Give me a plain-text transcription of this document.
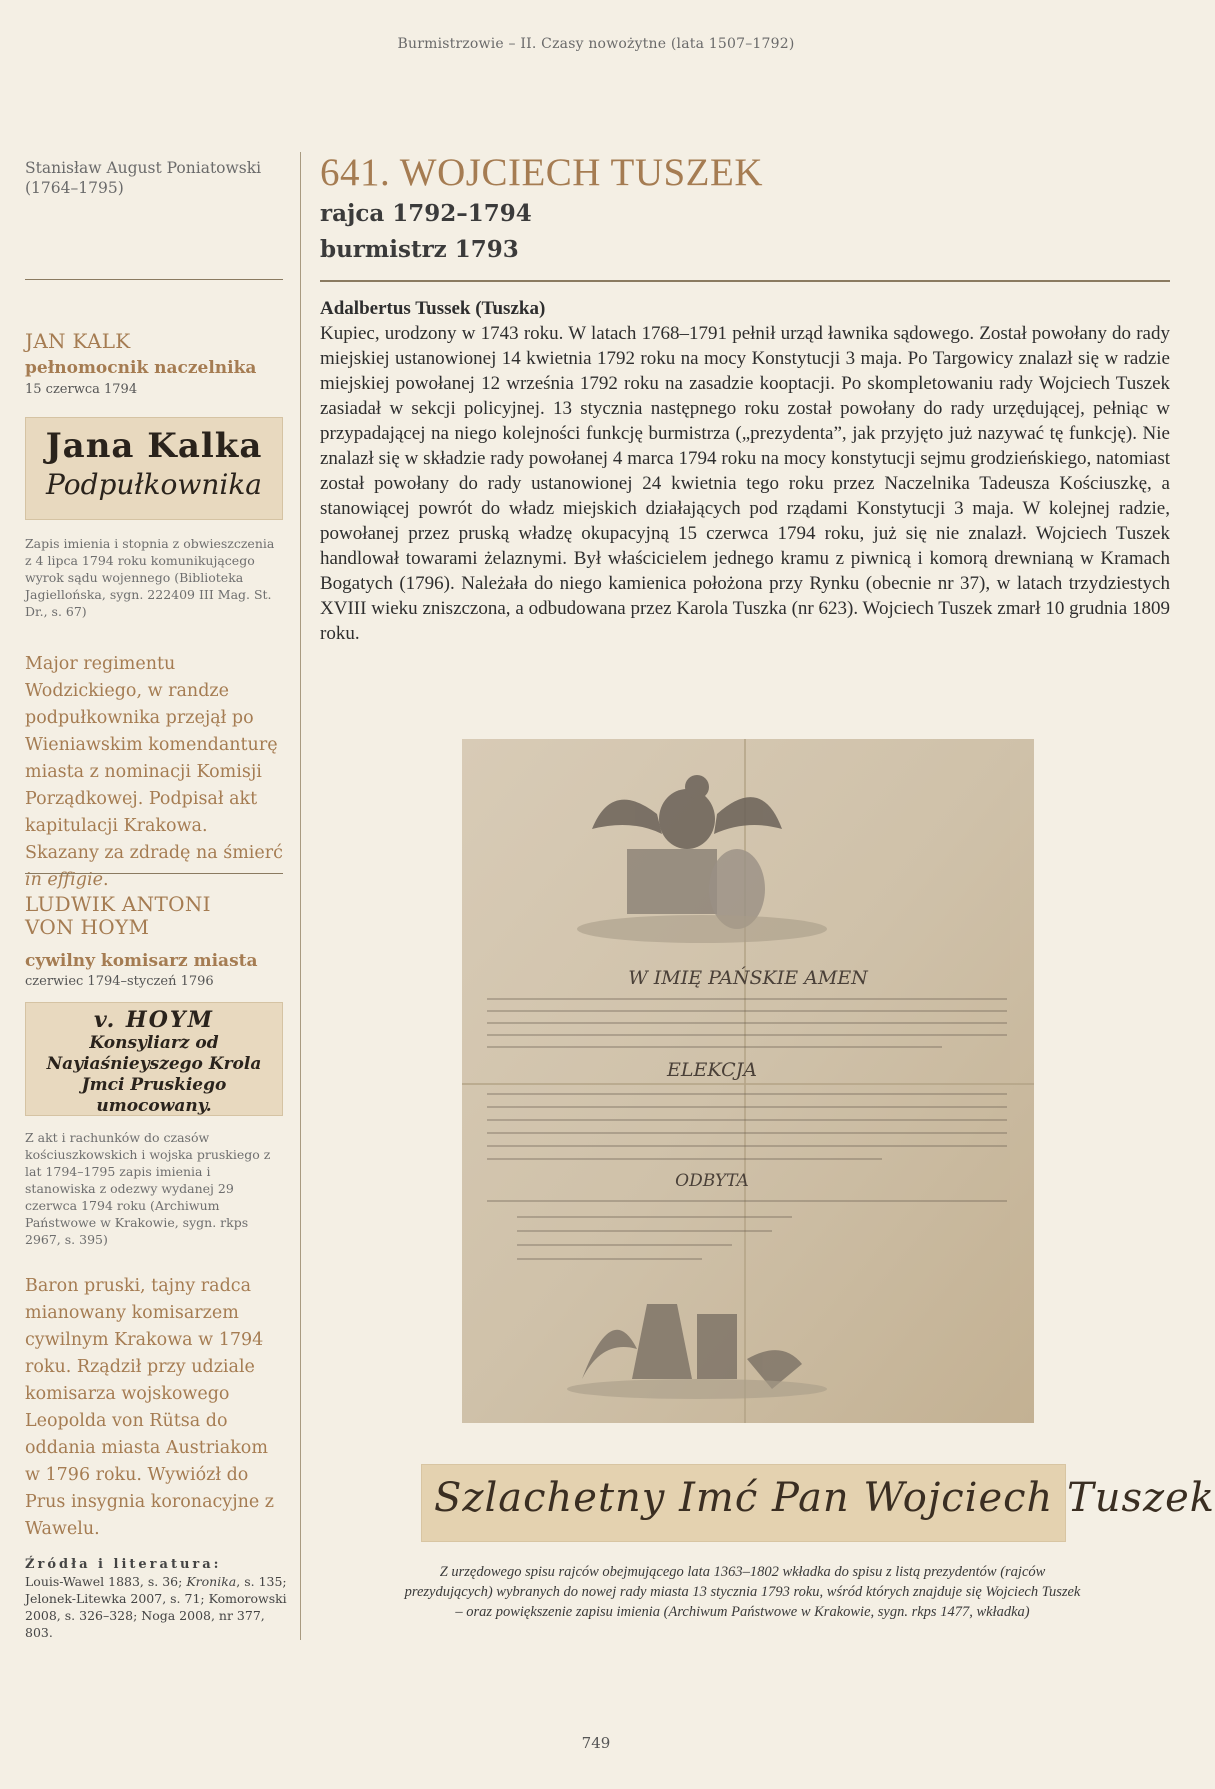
Burmistrzowie – II. Czasy nowożytne (lata 1507–1792)
Stanisław August Poniatowski (1764–1795)
JAN KALK
pełnomocnik naczelnika
15 czerwca 1794
Jana Kalka
Podpułkownika
Zapis imienia i stopnia z obwieszczenia z 4 lipca 1794 roku komunikującego wyrok sądu wojennego (Biblioteka Jagiellońska, sygn. 222409 III Mag. St. Dr., s. 67)
Major regimentu Wodzickiego, w randze podpułkownika przejął po Wieniawskim komendanturę miasta z nominacji Komisji Porządkowej. Podpisał akt kapitulacji Krakowa. Skazany za zdradę na śmierć in effigie.
LUDWIK ANTONI
VON HOYM
cywilny komisarz miasta
czerwiec 1794–styczeń 1796
v. HOYM
Konsyliarz od Nayiaśnieyszego Krola Jmci Pruskiego umocowany.
Z akt i rachunków do czasów kościuszkowskich i wojska pruskiego z lat 1794–1795 zapis imienia i stanowiska z odezwy wydanej 29 czerwca 1794 roku (Archiwum Państwowe w Krakowie, sygn. rkps 2967, s. 395)
Baron pruski, tajny radca mianowany komisarzem cywilnym Krakowa w 1794 roku. Rządził przy udziale komisarza wojskowego Leopolda von Rütsa do oddania miasta Austriakom w 1796 roku. Wywiózł do Prus insygnia koronacyjne z Wawelu.
Źródła i literatura:
Louis-Wawel 1883, s. 36; Kronika, s. 135; Jelonek-Litewka 2007, s. 71; Komorowski 2008, s. 326–328; Noga 2008, nr 377, 803.
641. WOJCIECH TUSZEK
rajca 1792–1794
burmistrz 1793
Adalbertus Tussek (Tuszka)
Kupiec, urodzony w 1743 roku. W latach 1768–1791 pełnił urząd ławnika sądowego. Został powołany do rady miejskiej ustanowionej 14 kwietnia 1792 roku na mocy Konstytucji 3 maja. Po Targowicy znalazł się w radzie miejskiej powołanej 12 września 1792 roku na zasadzie kooptacji. Po skompletowaniu rady Wojciech Tuszek zasiadał w sekcji policyjnej. 13 stycznia następnego roku został powołany do rady urzędującej, pełniąc w przypadającej na niego kolejności funkcję burmistrza („prezydenta”, jak przyjęto już nazywać tę funkcję). Nie znalazł się w składzie rady powołanej 4 marca 1794 roku na mocy konstytucji sejmu grodzieńskiego, natomiast został powołany do rady ustanowionej 24 kwietnia tego roku przez Naczelnika Tadeusza Kościuszkę, a stanowiącej powrót do władz miejskich działających pod rządami Konstytucji 3 maja. W kolejnej radzie, powołanej przez pruską władzę okupacyjną 15 czerwca 1794 roku, już się nie znalazł. Wojciech Tuszek handlował towarami żelaznymi. Był właścicielem jednego kramu z piwnicą i komorą drewnianą w Kramach Bogatych (1796). Należała do niego kamienica położona przy Rynku (obecnie nr 37), w latach trzydziestych XVIII wieku zniszczona, a odbudowana przez Karola Tuszka (nr 623). Wojciech Tuszek zmarł 10 grudnia 1809 roku.
W IMIĘ PAŃSKIE AMEN
ELEKCJA
ODBYTA
Szlachetny Imć Pan Wojciech Tuszek
Z urzędowego spisu rajców obejmującego lata 1363–1802 wkładka do spisu z listą prezydentów (rajców prezydujących) wybranych do nowej rady miasta 13 stycznia 1793 roku, wśród których znajduje się Wojciech Tuszek – oraz powiększenie zapisu imienia (Archiwum Państwowe w Krakowie, sygn. rkps 1477, wkładka)
749
